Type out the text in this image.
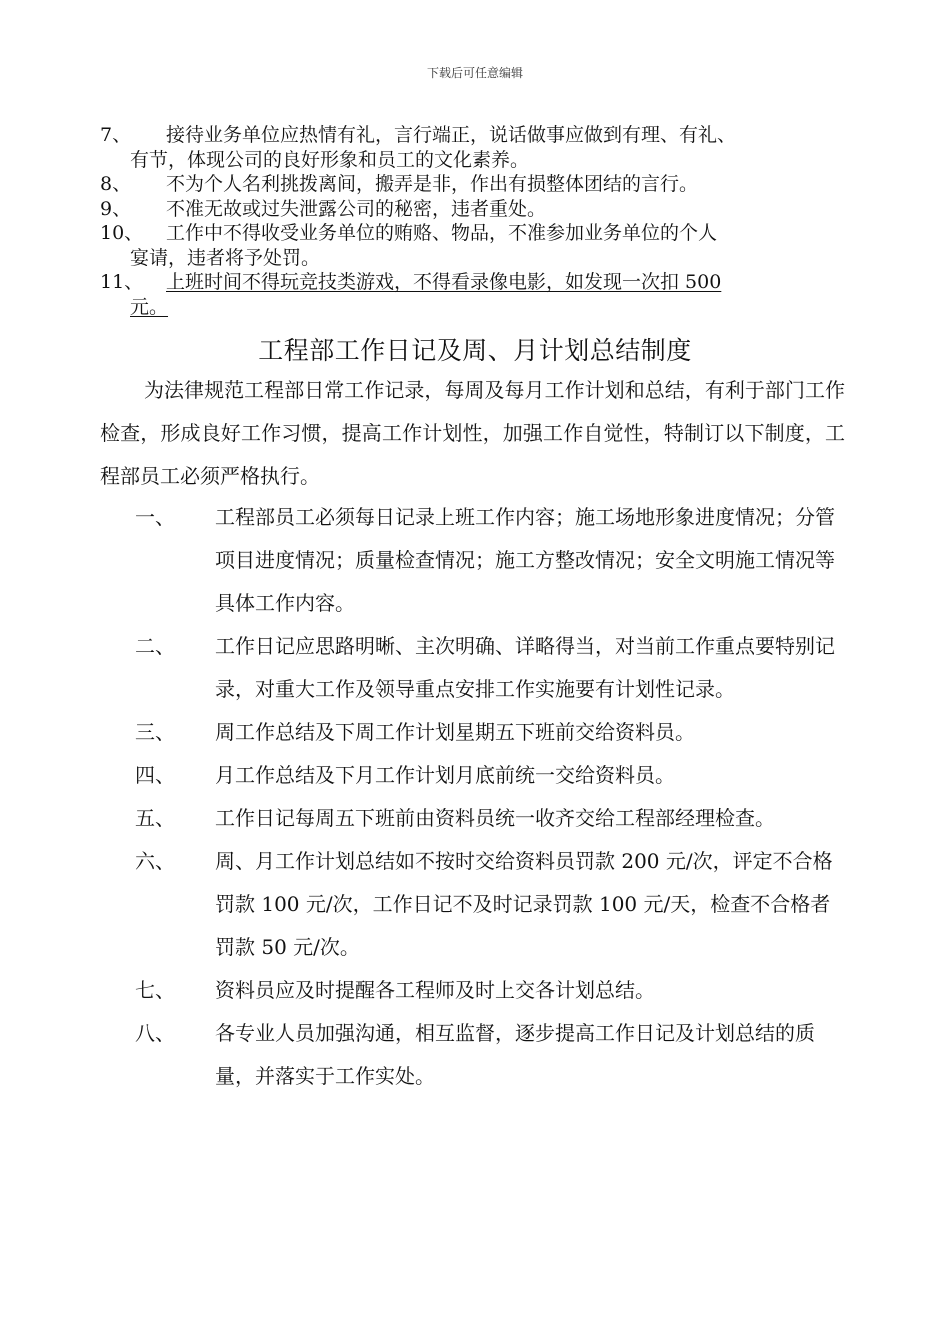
下载后可任意编辑
7、 接待业务单位应热情有礼，言行端正，说话做事应做到有理、有礼、
有节，体现公司的良好形象和员工的文化素养。
8、 不为个人名利挑拨离间，搬弄是非，作出有损整体团结的言行。
9、 不准无故或过失泄露公司的秘密，违者重处。
10、 工作中不得收受业务单位的贿赂、物品，不准参加业务单位的个人
宴请，违者将予处罚。
11、 上班时间不得玩竞技类游戏，不得看录像电影，如发现一次扣 500
元。
工程部工作日记及周、月计划总结制度
为法律规范工程部日常工作记录，每周及每月工作计划和总结，有利于部门工作检查，形成良好工作习惯，提高工作计划性，加强工作自觉性，特制订以下制度，工程部员工必须严格执行。
一、 工程部员工必须每日记录上班工作内容；施工场地形象进度情况；分管项目进度情况；质量检查情况；施工方整改情况；安全文明施工情况等具体工作内容。
二、 工作日记应思路明晰、主次明确、详略得当，对当前工作重点要特别记录，对重大工作及领导重点安排工作实施要有计划性记录。
三、 周工作总结及下周工作计划星期五下班前交给资料员。
四、 月工作总结及下月工作计划月底前统一交给资料员。
五、 工作日记每周五下班前由资料员统一收齐交给工程部经理检查。
六、 周、月工作计划总结如不按时交给资料员罚款 200 元/次，评定不合格罚款 100 元/次，工作日记不及时记录罚款 100 元/天，检查不合格者罚款 50 元/次。
七、 资料员应及时提醒各工程师及时上交各计划总结。
八、 各专业人员加强沟通，相互监督，逐步提高工作日记及计划总结的质量，并落实于工作实处。
